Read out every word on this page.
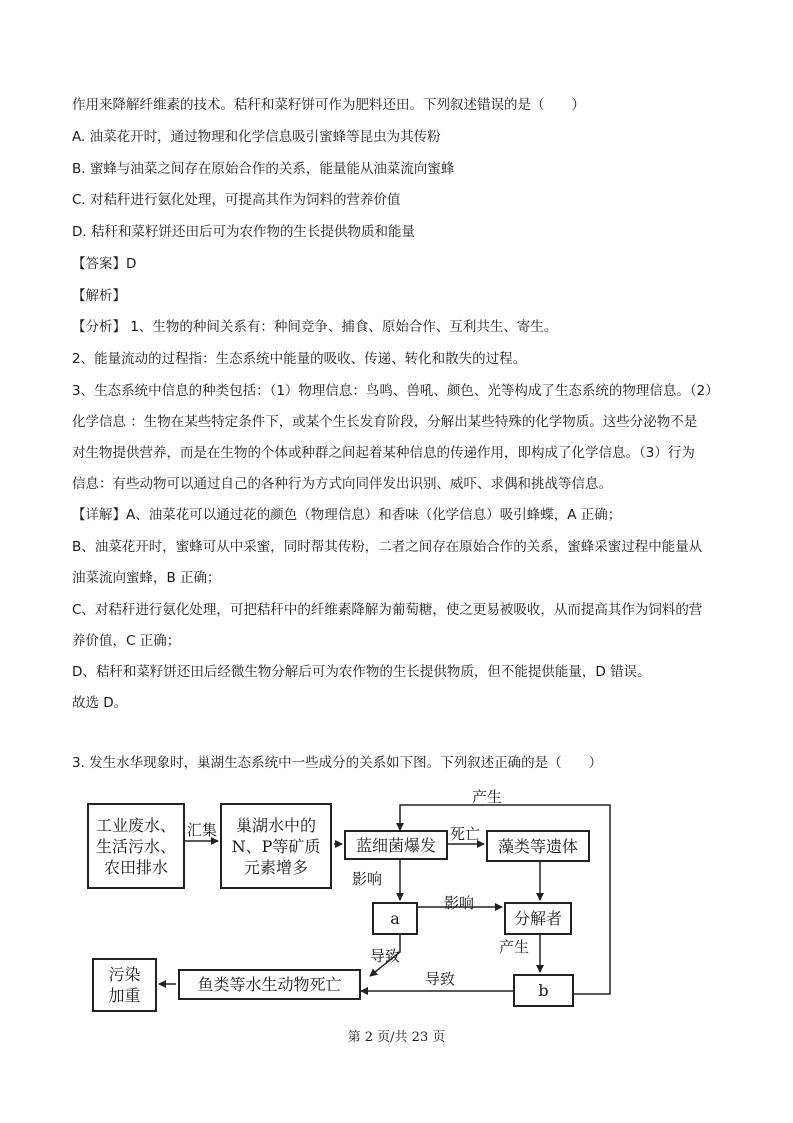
作用来降解纤维素的技术。秸秆和菜籽饼可作为肥料还田。下列叙述错误的是（　　）
A. 油菜花开时，通过物理和化学信息吸引蜜蜂等昆虫为其传粉
B. 蜜蜂与油菜之间存在原始合作的关系，能量能从油菜流向蜜蜂
C. 对秸秆进行氨化处理，可提高其作为饲料的营养价值
D. 秸秆和菜籽饼还田后可为农作物的生长提供物质和能量
【答案】D
【解析】
【分析】 1、生物的种间关系有：种间竞争、捕食、原始合作、互利共生、寄生。
2、能量流动的过程指：生态系统中能量的吸收、传递、转化和散失的过程。
3、生态系统中信息的种类包括：（1）物理信息：鸟鸣、兽吼、颜色、光等构成了生态系统的物理信息。（2）
化学信息 ：生物在某些特定条件下，或某个生长发育阶段，分解出某些特殊的化学物质。这些分泌物不是
对生物提供营养，而是在生物的个体或种群之间起着某种信息的传递作用，即构成了化学信息。（3）行为
信息：有些动物可以通过自己的各种行为方式向同伴发出识别、威吓、求偶和挑战等信息。
【详解】A、油菜花可以通过花的颜色（物理信息）和香味（化学信息）吸引蜂蝶，A 正确；
B、油菜花开时，蜜蜂可从中采蜜，同时帮其传粉，二者之间存在原始合作的关系，蜜蜂采蜜过程中能量从
油菜流向蜜蜂，B 正确；
C、对秸秆进行氨化处理，可把秸秆中的纤维素降解为葡萄糖，使之更易被吸收，从而提高其作为饲料的营
养价值，C 正确；
D、秸秆和菜籽饼还田后经微生物分解后可为农作物的生长提供物质，但不能提供能量，D 错误。
故选 D。
3. 发生水华现象时，巢湖生态系统中一些成分的关系如下图。下列叙述正确的是（　　）
工业废水、
生活污水、
农田排水
汇集 巢湖水中的
N、P等矿质
元素增多
蓝细菌爆发
死亡
藻类等遗体
产生
影响
a
影响
分解者
产生
导致
b
导致
鱼类等水生动物死亡
污染
加重
第 2 页/共 23 页
